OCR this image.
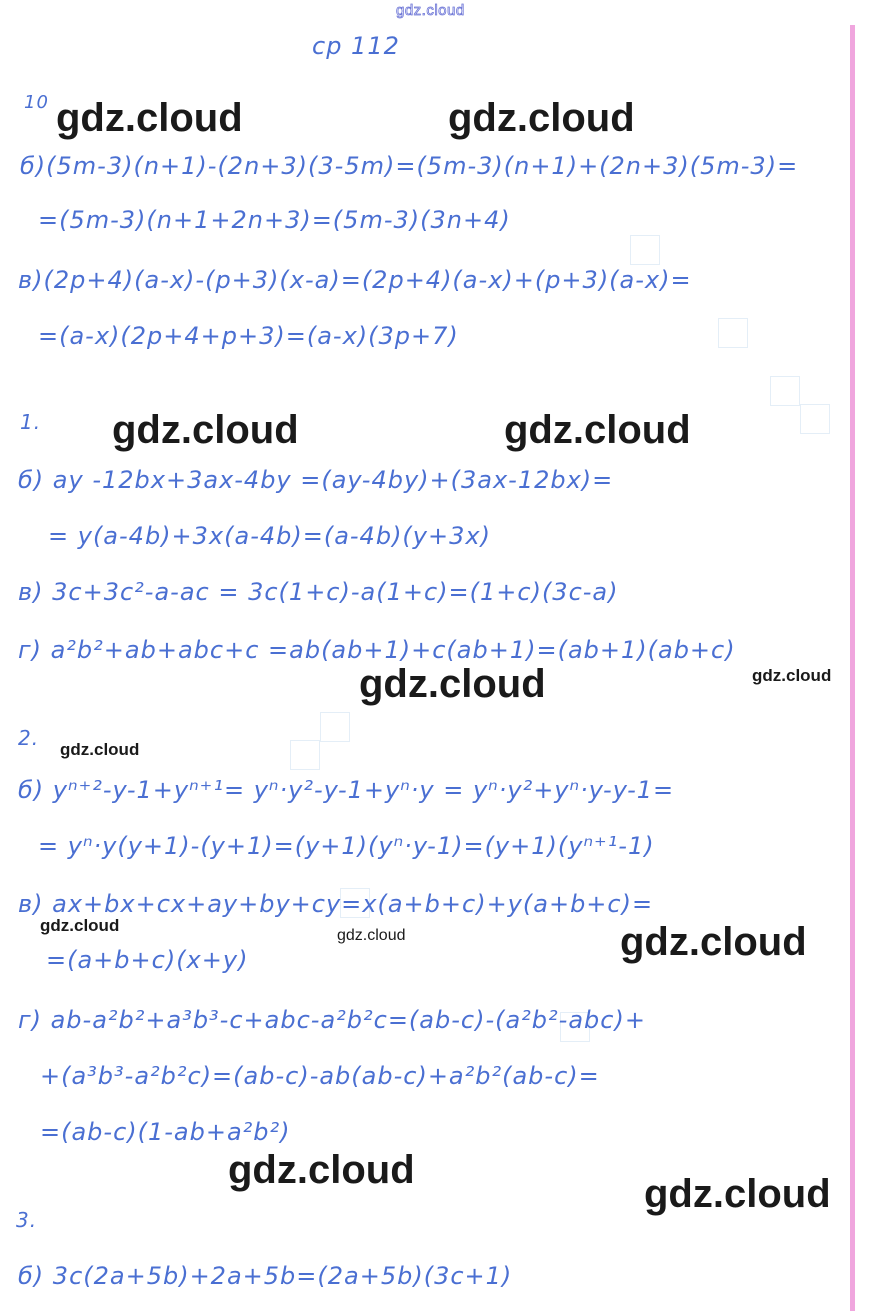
gdz.cloud
ср 112
10
б)(5m-3)(n+1)-(2n+3)(3-5m)=(5m-3)(n+1)+(2n+3)(5m-3)=
=(5m-3)(n+1+2n+3)=(5m-3)(3n+4)
в)(2p+4)(a-x)-(p+3)(x-a)=(2p+4)(a-x)+(p+3)(a-x)=
=(a-x)(2p+4+p+3)=(a-x)(3p+7)
1.
б) ay -12bx+3ax-4by =(ay-4by)+(3ax-12bx)=
= y(a-4b)+3x(a-4b)=(a-4b)(y+3x)
в) 3c+3c²-a-ac = 3c(1+c)-a(1+c)=(1+c)(3c-a)
г) a²b²+ab+abc+c =ab(ab+1)+c(ab+1)=(ab+1)(ab+c)
2.
б) yⁿ⁺²-y-1+yⁿ⁺¹= yⁿ·y²-y-1+yⁿ·y = yⁿ·y²+yⁿ·y-y-1=
= yⁿ·y(y+1)-(y+1)=(y+1)(yⁿ·y-1)=(y+1)(yⁿ⁺¹-1)
в) ax+bx+cx+ay+by+cy=x(a+b+c)+y(a+b+c)=
=(a+b+c)(x+y)
г) ab-a²b²+a³b³-c+abc-a²b²c=(ab-c)-(a²b²-abc)+
+(a³b³-a²b²c)=(ab-c)-ab(ab-c)+a²b²(ab-c)=
=(ab-c)(1-ab+a²b²)
3.
б) 3c(2a+5b)+2a+5b=(2a+5b)(3c+1)
gdz.cloud	gdz.cloud
gdz.cloud	gdz.cloud
gdz.cloud	gdz.cloud
gdz.cloud
gdz.cloud
gdz.cloud	gdz.cloud
gdz.cloud
gdz.cloud
